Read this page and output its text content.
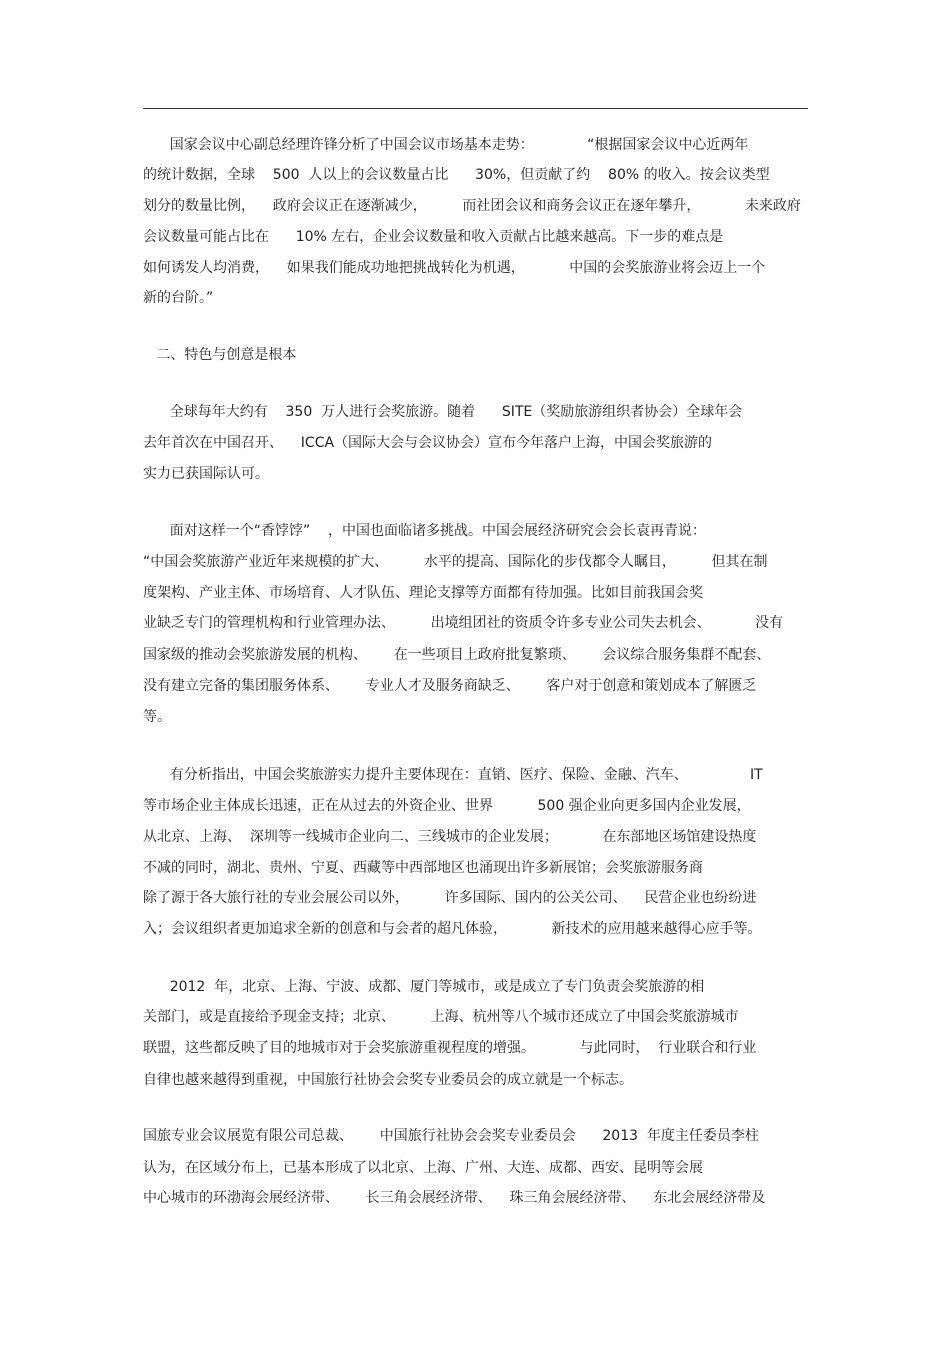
国家会议中心副总经理许锋分析了中国会议市场基本走势：            “根据国家会议中心近两年
的统计数据，全球    500  人以上的会议数量占比      30%，但贡献了约    80% 的收入。按会议类型
划分的数量比例，    政府会议正在逐渐减少，        而社团会议和商务会议正在逐年攀升，          未来政府
会议数量可能占比在      10% 左右，企业会议数量和收入贡献占比越来越高。下一步的难点是
如何诱发人均消费，    如果我们能成功地把挑战转化为机遇，          中国的会奖旅游业将会迈上一个
新的台阶。”
二、特色与创意是根本
全球每年大约有    350  万人进行会奖旅游。随着      SITE（奖励旅游组织者协会）全球年会
去年首次在中国召开、    ICCA（国际大会与会议协会）宣布今年落户上海，中国会奖旅游的
实力已获国际认可。
面对这样一个“香饽饽”    ，中国也面临诸多挑战。中国会展经济研究会会长袁再青说：
“中国会奖旅游产业近年来规模的扩大、        水平的提高、国际化的步伐都令人瞩目，        但其在制
度架构、产业主体、市场培育、人才队伍、理论支撑等方面都有待加强。比如目前我国会奖
业缺乏专门的管理机构和行业管理办法、        出境组团社的资质令许多专业公司失去机会、          没有
国家级的推动会奖旅游发展的机构、      在一些项目上政府批复繁琐、      会议综合服务集群不配套、
没有建立完备的集团服务体系、      专业人才及服务商缺乏、      客户对于创意和策划成本了解匮乏
等。
有分析指出，中国会奖旅游实力提升主要体现在：直销、医疗、保险、金融、汽车、              IT
等市场企业主体成长迅速，正在从过去的外资企业、世界          500 强企业向更多国内企业发展，
从北京、上海、  深圳等一线城市企业向二、三线城市的企业发展；          在东部地区场馆建设热度
不减的同时，湖北、贵州、宁夏、西藏等中西部地区也涌现出许多新展馆；会奖旅游服务商
除了源于各大旅行社的专业会展公司以外，        许多国际、国内的公关公司、    民营企业也纷纷进
入；会议组织者更加追求全新的创意和与会者的超凡体验，          新技术的应用越来越得心应手等。
2012  年，北京、上海、宁波、成都、厦门等城市，或是成立了专门负责会奖旅游的相
关部门，或是直接给予现金支持；北京、        上海、杭州等八个城市还成立了中国会奖旅游城市
联盟，这些都反映了目的地城市对于会奖旅游重视程度的增强。          与此同时，  行业联合和行业
自律也越来越得到重视，中国旅行社协会会奖专业委员会的成立就是一个标志。
国旅专业会议展览有限公司总裁、      中国旅行社协会会奖专业委员会      2013  年度主任委员李柱
认为，在区域分布上，已基本形成了以北京、上海、广州、大连、成都、西安、昆明等会展
中心城市的环渤海会展经济带、      长三角会展经济带、    珠三角会展经济带、    东北会展经济带及
